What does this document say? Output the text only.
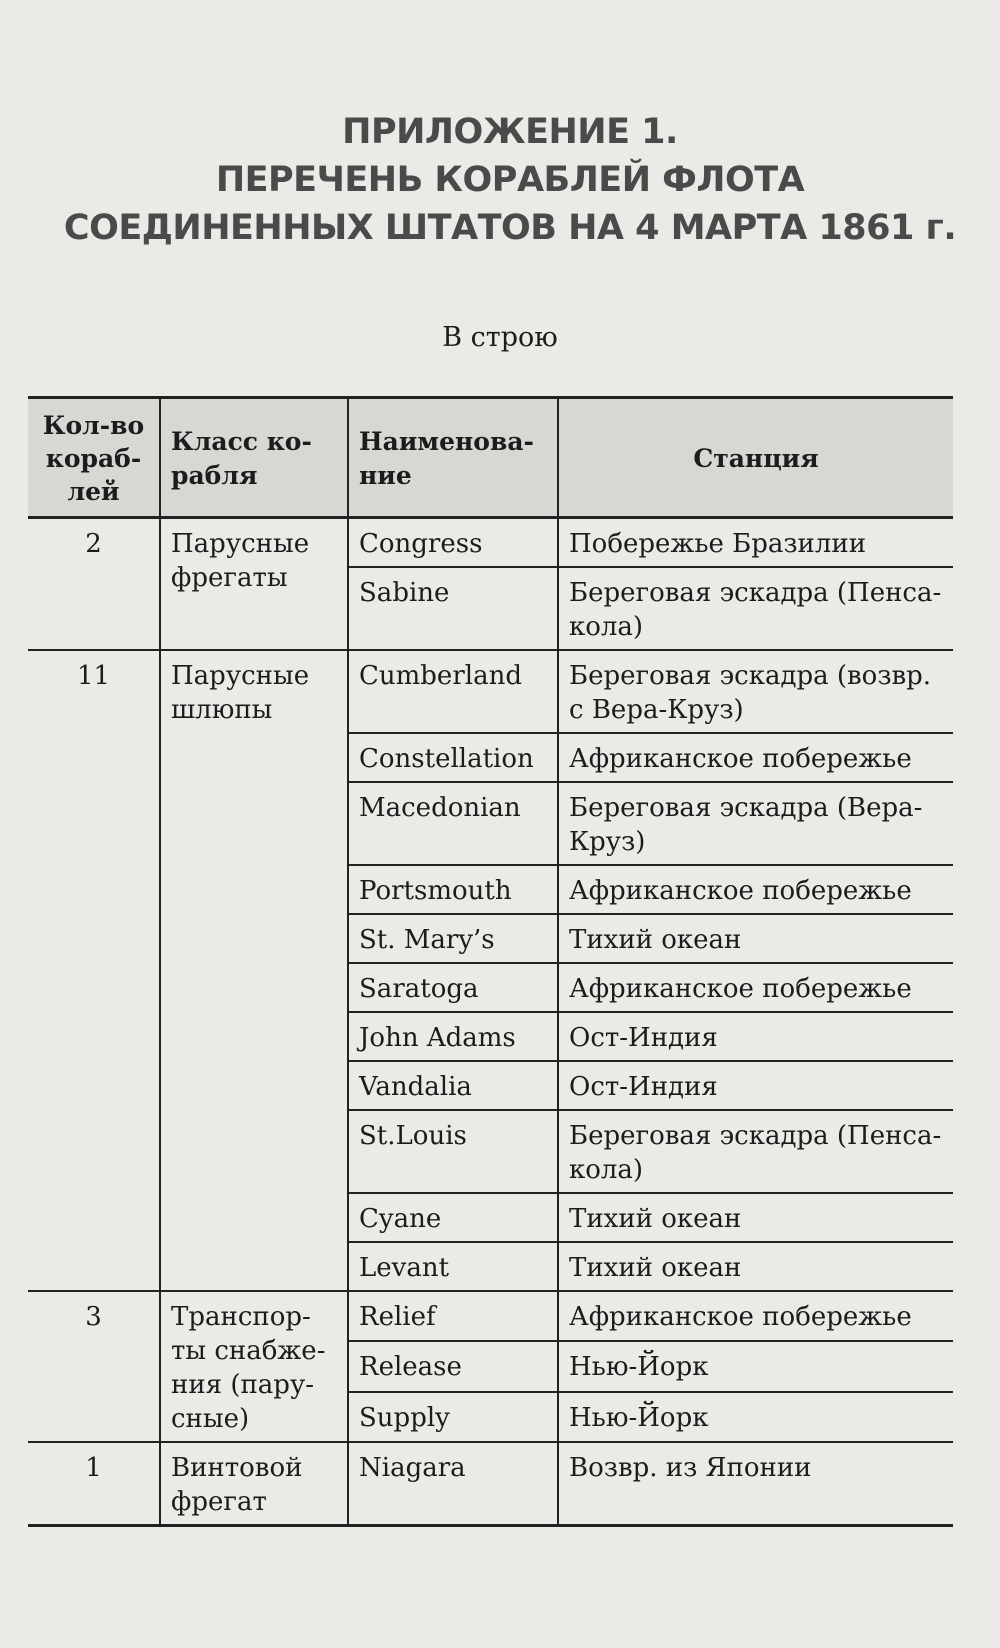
ПРИЛОЖЕНИЕ 1.
ПЕРЕЧЕНЬ КОРАБЛЕЙ ФЛОТА
СОЕДИНЕННЫХ ШТАТОВ НА 4 МАРТА 1861 г.
В строю
Кол-во кораб-лей	Класс ко-рабля	Наименова-ние	Станция
2	Парусные фрегаты	Congress	Побережье Бразилии
		Sabine	Береговая эскадра (Пенса-кола)
11	Парусные шлюпы	Cumberland	Береговая эскадра (возвр. с Вера-Круз)
		Constellation	Африканское побережье
		Macedonian	Береговая эскадра (Вера-Круз)
		Portsmouth	Африканское побережье
		St. Mary’s	Тихий океан
		Saratoga	Африканское побережье
		John Adams	Ост-Индия
		Vandalia	Ост-Индия
		St.Louis	Береговая эскадра (Пенса-кола)
		Cyane	Тихий океан
		Levant	Тихий океан
3	Транспор-ты снабже-ния (пару-сные)	Relief	Африканское побережье
		Release	Нью-Йорк
		Supply	Нью-Йорк
1	Винтовой фрегат	Niagara	Возвр. из Японии
